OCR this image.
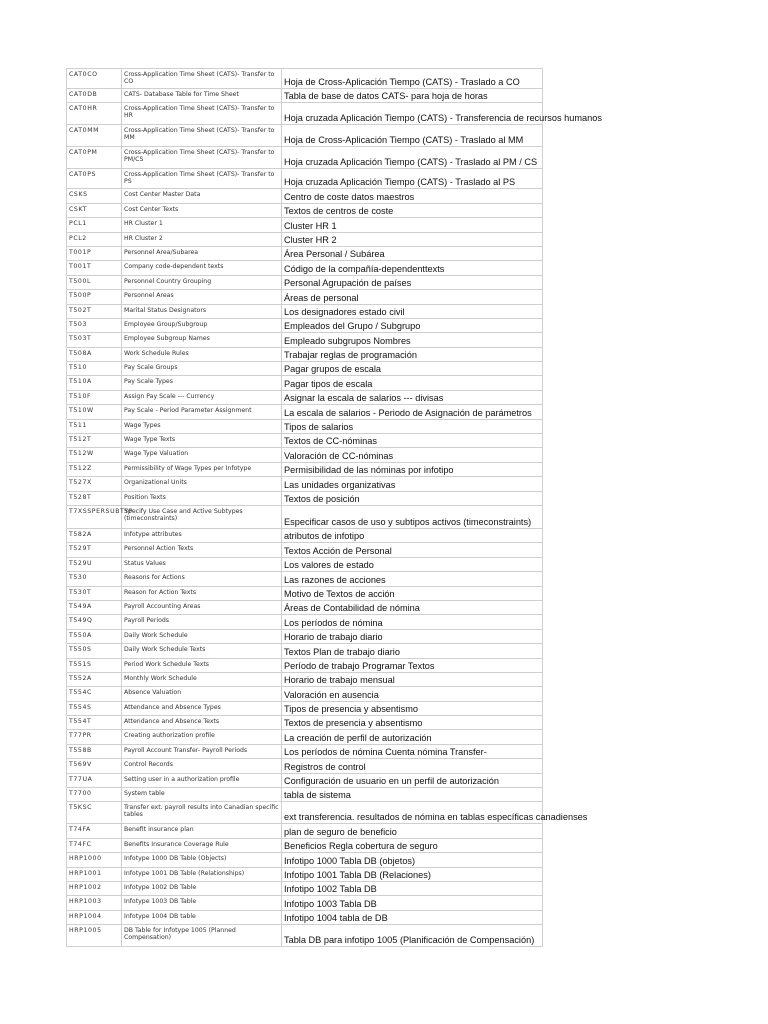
CAT0CO	Cross-Application Time Sheet (CATS)- Transfer to CO	Hoja de Cross-Aplicación Tiempo (CATS) - Traslado a CO
CAT0DB	CATS- Database Table for Time Sheet	Tabla de base de datos CATS- para hoja de horas
CAT0HR	Cross-Application Time Sheet (CATS)- Transfer to HR	Hoja cruzada Aplicación Tiempo (CATS) - Transferencia de recursos humanos
CAT0MM	Cross-Application Time Sheet (CATS)- Transfer to MM	Hoja de Cross-Aplicación Tiempo (CATS) - Traslado al MM
CAT0PM	Cross-Application Time Sheet (CATS)- Transfer to PM/CS	Hoja cruzada Aplicación Tiempo (CATS) - Traslado al PM / CS
CAT0PS	Cross-Application Time Sheet (CATS)- Transfer to PS	Hoja cruzada Aplicación Tiempo (CATS) - Traslado al PS
CSKS	Cost Center Master Data	Centro de coste datos maestros
CSKT	Cost Center Texts	Textos de centros de coste
PCL1	HR Cluster 1	Cluster HR 1
PCL2	HR Cluster 2	Cluster HR 2
T001P	Personnel Area/Subarea	Área Personal / Subárea
T001T	Company code-dependent texts	Código de la compañía-dependenttexts
T500L	Personnel Country Grouping	Personal Agrupación de países
T500P	Personnel Areas	Áreas de personal
T502T	Marital Status Designators	Los designadores estado civil
T503	Employee Group/Subgroup	Empleados del Grupo / Subgrupo
T503T	Employee Subgroup Names	Empleado subgrupos Nombres
T508A	Work Schedule Rules	Trabajar reglas de programación
T510	Pay Scale Groups	Pagar grupos de escala
T510A	Pay Scale Types	Pagar tipos de escala
T510F	Assign Pay Scale --- Currency	Asignar la escala de salarios --- divisas
T510W	Pay Scale - Period Parameter Assignment	La escala de salarios - Periodo de Asignación de parámetros
T511	Wage Types	Tipos de salarios
T512T	Wage Type Texts	Textos de CC-nóminas
T512W	Wage Type Valuation	Valoración de CC-nóminas
T512Z	Permissibility of Wage Types per Infotype	Permisibilidad de las nóminas por infotipo
T527X	Organizational Units	Las unidades organizativas
T528T	Position Texts	Textos de posición
T7XSSPERSUBTYP	Specify Use Case and Active Subtypes (timeconstraints)	Especificar casos de uso y subtipos activos (timeconstraints)
T582A	Infotype attributes	atributos de infotipo
T529T	Personnel Action Texts	Textos Acción de Personal
T529U	Status Values	Los valores de estado
T530	Reasons for Actions	Las razones de acciones
T530T	Reason for Action Texts	Motivo de Textos de acción
T549A	Payroll Accounting Areas	Áreas de Contabilidad de nómina
T549Q	Payroll Periods	Los períodos de nómina
T550A	Daily Work Schedule	Horario de trabajo diario
T550S	Daily Work Schedule Texts	Textos Plan de trabajo diario
T551S	Period Work Schedule Texts	Período de trabajo Programar Textos
T552A	Monthly Work Schedule	Horario de trabajo mensual
T554C	Absence Valuation	Valoración en ausencia
T554S	Attendance and Absence Types	Tipos de presencia y absentismo
T554T	Attendance and Absence Texts	Textos de presencia y absentismo
T77PR	Creating authorization profile	La creación de perfil de autorización
T558B	Payroll Account Transfer- Payroll Periods	Los períodos de nómina Cuenta nómina Transfer-
T569V	Control Records	Registros de control
T77UA	Setting user in a authorization profile	Configuración de usuario en un perfil de autorización
T7700	System table	tabla de sistema
T5KSC	Transfer ext. payroll results into Canadian specific tables	ext transferencia. resultados de nómina en tablas específicas canadienses
T74FA	Benefit insurance plan	plan de seguro de beneficio
T74FC	Benefits Insurance Coverage Rule	Beneficios Regla cobertura de seguro
HRP1000	Infotype 1000 DB Table (Objects)	Infotipo 1000 Tabla DB (objetos)
HRP1001	Infotype 1001 DB Table (Relationships)	Infotipo 1001 Tabla DB (Relaciones)
HRP1002	Infotype 1002 DB Table	Infotipo 1002 Tabla DB
HRP1003	Infotype 1003 DB Table	Infotipo 1003 Tabla DB
HRP1004	Infotype 1004 DB table	Infotipo 1004 tabla de DB
HRP1005	DB Table for Infotype 1005 (Planned Compensation)	Tabla DB para infotipo 1005 (Planificación de Compensación)
